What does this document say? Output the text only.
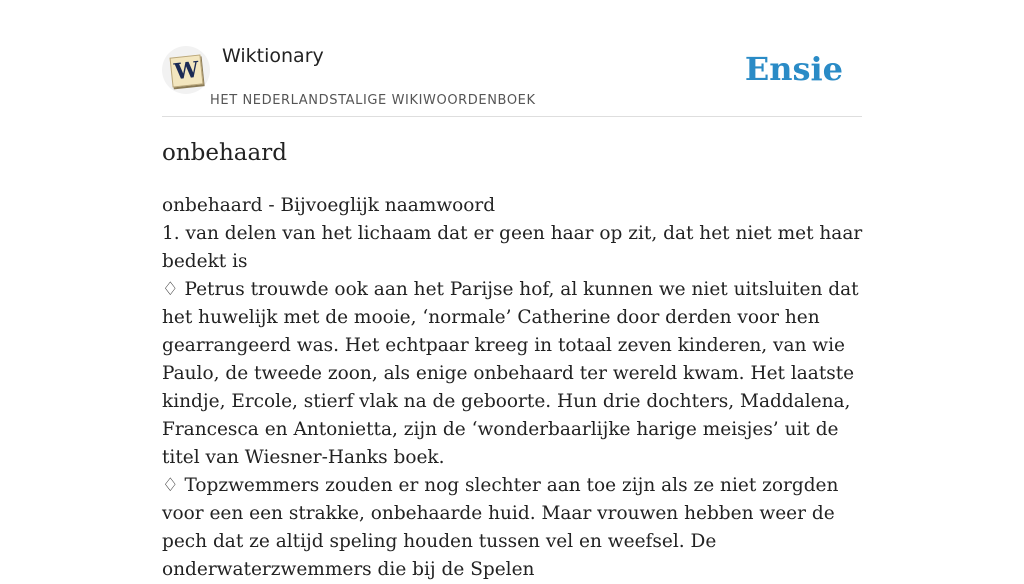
W
Wiktionary
HET NEDERLANDSTALIGE WIKIWOORDENBOEK
Ensie
onbehaard

onbehaard - Bijvoeglijk naamwoord

1. van delen van het lichaam dat er geen haar op zit, dat het niet met haar bedekt is

♢ Petrus trouwde ook aan het Parijse hof, al kunnen we niet uitsluiten dat het huwelijk met de mooie, ‘normale’ Catherine door derden voor hen gearrangeerd was. Het echtpaar kreeg in totaal zeven kinderen, van wie Paulo, de tweede zoon, als enige onbehaard ter wereld kwam. Het laatste kindje, Ercole, stierf vlak na de geboorte. Hun drie dochters, Maddalena, Francesca en Antonietta, zijn de ‘wonderbaarlijke harige meisjes’ uit de titel van Wiesner-Hanks boek.

♢ Topzwemmers zouden er nog slechter aan toe zijn als ze niet zorgden voor een een strakke, onbehaarde huid. Maar vrouwen hebben weer de pech dat ze altijd speling houden tussen vel en weefsel. De onderwaterzwemmers die bij de Spelen
